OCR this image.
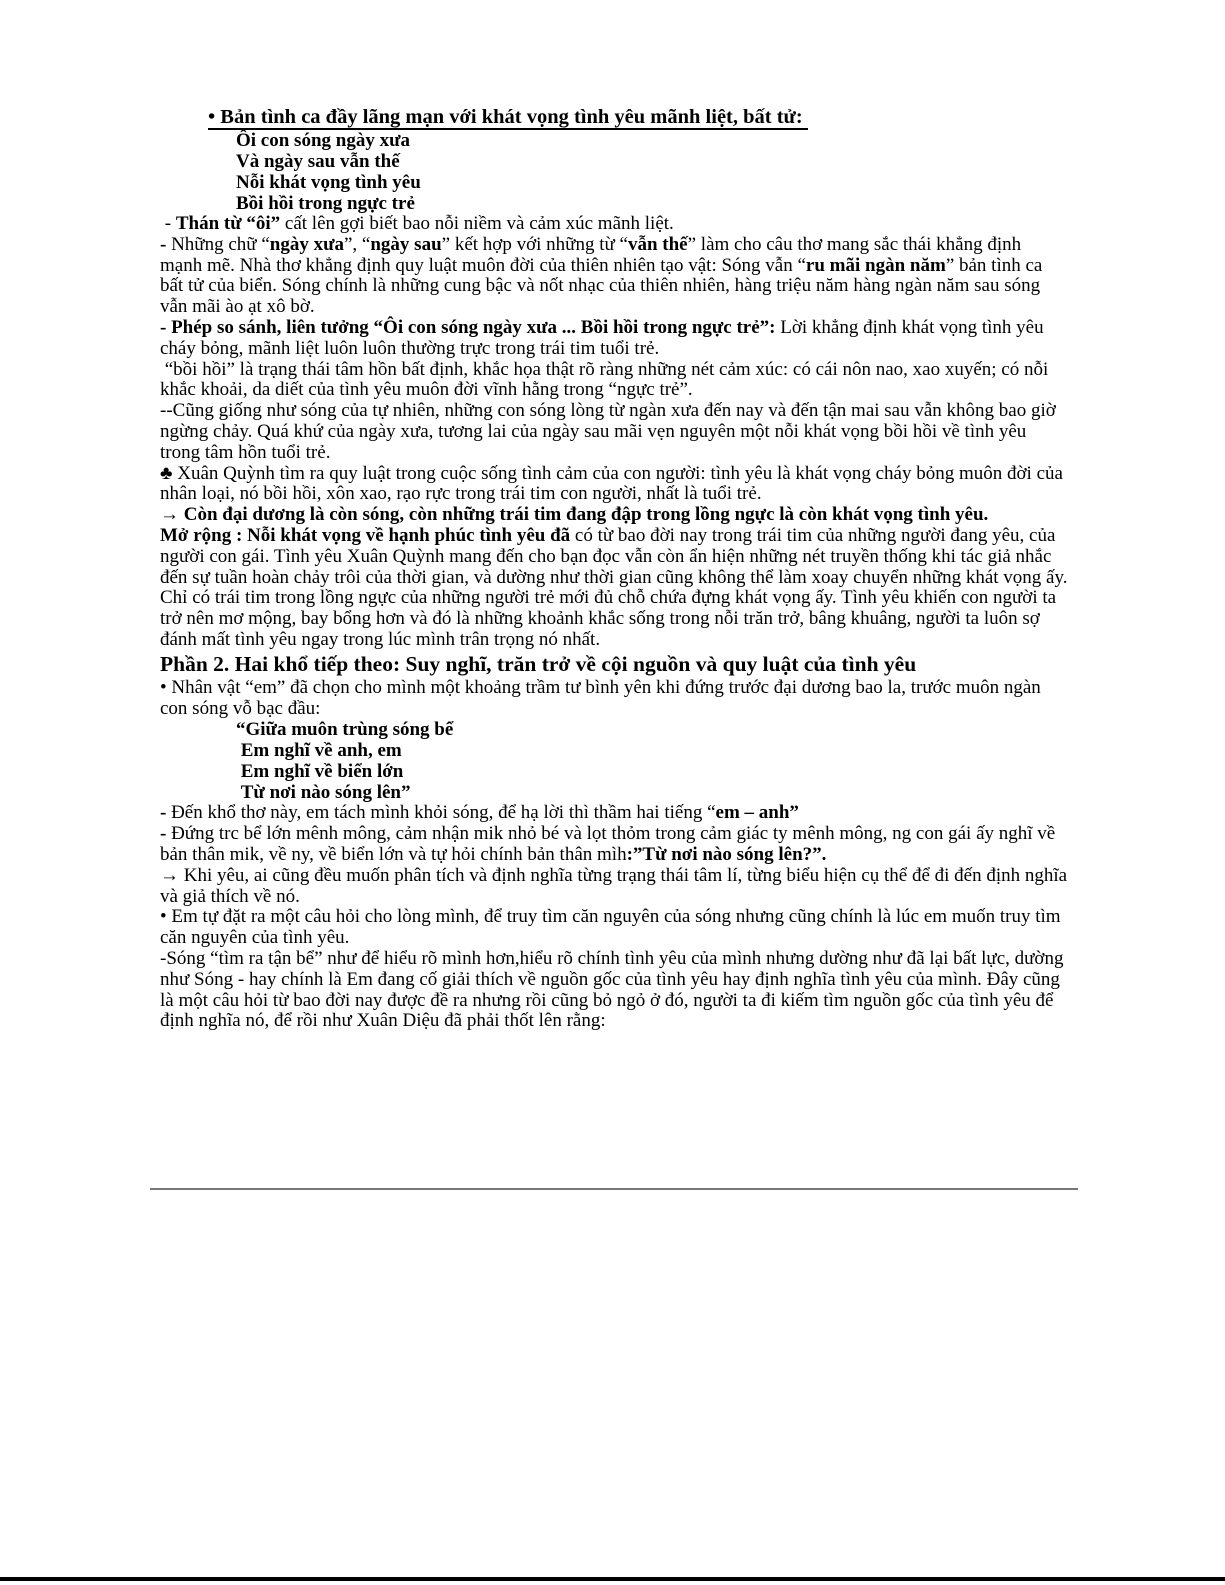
• Bản tình ca đầy lãng mạn với khát vọng tình yêu mãnh liệt, bất tử:
Ôi con sóng ngày xưa
Và ngày sau vẫn thế
Nỗi khát vọng tình yêu
Bồi hồi trong ngực trẻ
- Thán từ “ôi” cất lên gợi biết bao nỗi niềm và cảm xúc mãnh liệt.
- Những chữ “ngày xưa”, “ngày sau” kết hợp với những từ “vẫn thế” làm cho câu thơ mang sắc thái khẳng định mạnh mẽ. Nhà thơ khẳng định quy luật muôn đời của thiên nhiên tạo vật: Sóng vẫn “ru mãi ngàn năm” bản tình ca bất tử của biển. Sóng chính là những cung bậc và nốt nhạc của thiên nhiên, hàng triệu năm hàng ngàn năm sau sóng vẫn mãi ào ạt xô bờ.
- Phép so sánh, liên tưởng “Ôi con sóng ngày xưa ... Bồi hồi trong ngực trẻ”: Lời khẳng định khát vọng tình yêu cháy bỏng, mãnh liệt luôn luôn thường trực trong trái tim tuổi trẻ.
“bồi hồi” là trạng thái tâm hồn bất định, khắc họa thật rõ ràng những nét cảm xúc: có cái nôn nao, xao xuyến; có nỗi khắc khoải, da diết của tình yêu muôn đời vĩnh hằng trong “ngực trẻ”.
--Cũng giống như sóng của tự nhiên, những con sóng lòng từ ngàn xưa đến nay và đến tận mai sau vẫn không bao giờ ngừng chảy. Quá khứ của ngày xưa, tương lai của ngày sau mãi vẹn nguyên một nỗi khát vọng bồi hồi về tình yêu trong tâm hồn tuổi trẻ.
♣ Xuân Quỳnh tìm ra quy luật trong cuộc sống tình cảm của con người: tình yêu là khát vọng cháy bỏng muôn đời của nhân loại, nó bồi hồi, xôn xao, rạo rực trong trái tim con người, nhất là tuổi trẻ.
→ Còn đại dương là còn sóng, còn những trái tim đang đập trong lồng ngực là còn khát vọng tình yêu.
Mở rộng : Nỗi khát vọng về hạnh phúc tình yêu đã có từ bao đời nay trong trái tim của những người đang yêu, của người con gái. Tình yêu Xuân Quỳnh mang đến cho bạn đọc vẫn còn ẩn hiện những nét truyền thống khi tác giả nhắc đến sự tuần hoàn chảy trôi của thời gian, và dường như thời gian cũng không thể làm xoay chuyển những khát vọng ấy. Chỉ có trái tim trong lồng ngực của những người trẻ mới đủ chỗ chứa đựng khát vọng ấy. Tình yêu khiến con người ta trở nên mơ mộng, bay bổng hơn và đó là những khoảnh khắc sống trong nỗi trăn trở, bâng khuâng, người ta luôn sợ đánh mất tình yêu ngay trong lúc mình trân trọng nó nhất.
Phần 2. Hai khổ tiếp theo: Suy nghĩ, trăn trở về cội nguồn và quy luật của tình yêu
• Nhân vật “em” đã chọn cho mình một khoảng trầm tư bình yên khi đứng trước đại dương bao la, trước muôn ngàn con sóng vỗ bạc đầu:
“Giữa muôn trùng sóng bể
Em nghĩ về anh, em
Em nghĩ về biển lớn
Từ nơi nào sóng lên”
- Đến khổ thơ này, em tách mình khỏi sóng, để hạ lời thì thầm hai tiếng “em – anh”
- Đứng trc bể lớn mênh mông, cảm nhận mik nhỏ bé và lọt thỏm trong cảm giác ty mênh mông, ng con gái ấy nghĩ về bản thân mik, về ny, về biển lớn và tự hỏi chính bản thân mìh:”Từ nơi nào sóng lên?”.
→ Khi yêu, ai cũng đều muốn phân tích và định nghĩa từng trạng thái tâm lí, từng biểu hiện cụ thể để đi đến định nghĩa và giả thích về nó.
• Em tự đặt ra một câu hỏi cho lòng mình, để truy tìm căn nguyên của sóng nhưng cũng chính là lúc em muốn truy tìm căn nguyên của tình yêu.
-Sóng “tìm ra tận bể” như để hiểu rõ mình hơn,hiểu rõ chính tình yêu của mình nhưng dường như đã lại bất lực, dường như Sóng - hay chính là Em đang cố giải thích về nguồn gốc của tình yêu hay định nghĩa tình yêu của mình. Đây cũng là một câu hỏi từ bao đời nay được đề ra nhưng rồi cũng bỏ ngỏ ở đó, người ta đi kiếm tìm nguồn gốc của tình yêu để định nghĩa nó, để rồi như Xuân Diệu đã phải thốt lên rằng:
